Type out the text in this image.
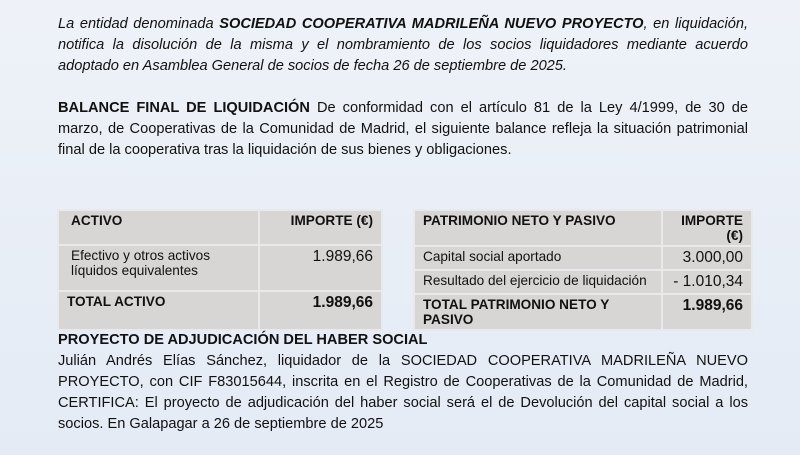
La entidad denominada SOCIEDAD COOPERATIVA MADRILEÑA NUEVO PROYECTO, en liquidación, notifica la disolución de la misma y el nombramiento de los socios liquidadores mediante acuerdo adoptado en Asamblea General de socios de fecha 26 de septiembre de 2025.

BALANCE FINAL DE LIQUIDACIÓN De conformidad con el artículo 81 de la Ley 4/1999, de 30 de marzo, de Cooperativas de la Comunidad de Madrid, el siguiente balance refleja la situación patrimonial final de la cooperativa tras la liquidación de sus bienes y obligaciones.

ACTIVO	IMPORTE (€)
Efectivo y otros activos líquidos equivalentes	1.989,66
TOTAL ACTIVO	1.989,66
PATRIMONIO NETO Y PASIVO	IMPORTE (€)
Capital social aportado	3.000,00
Resultado del ejercicio de liquidación	- 1.010,34
TOTAL PATRIMONIO NETO Y PASIVO	1.989,66
PROYECTO DE ADJUDICACIÓN DEL HABER SOCIAL

Julián Andrés Elías Sánchez, liquidador de la SOCIEDAD COOPERATIVA MADRILEÑA NUEVO PROYECTO, con CIF F83015644, inscrita en el Registro de Cooperativas de la Comunidad de Madrid, CERTIFICA: El proyecto de adjudicación del haber social será el de Devolución del capital social a los socios. En Galapagar a 26 de septiembre de 2025
